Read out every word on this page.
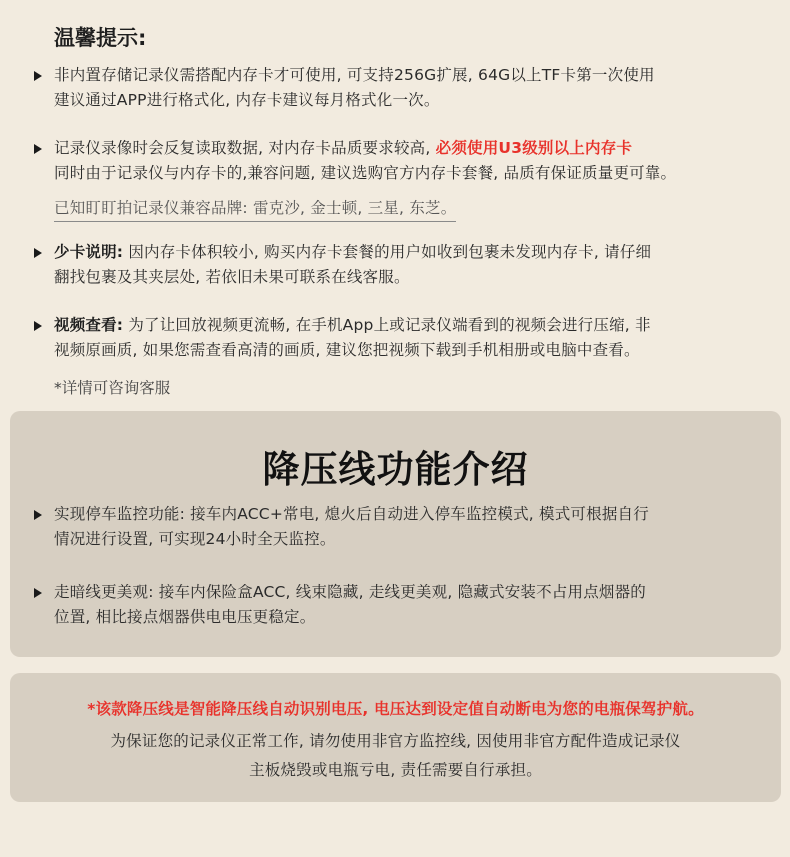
温馨提示:
非内置存储记录仪需搭配内存卡才可使用, 可支持256G扩展, 64G以上TF卡第一次使用
建议通过APP进行格式化, 内存卡建议每月格式化一次。
记录仪录像时会反复读取数据, 对内存卡品质要求较高, 必须使用U3级别以上内存卡
同时由于记录仪与内存卡的,兼容问题, 建议选购官方内存卡套餐, 品质有保证质量更可靠。
已知盯盯拍记录仪兼容品牌: 雷克沙, 金士顿, 三星, 东芝。
少卡说明: 因内存卡体积较小, 购买内存卡套餐的用户如收到包裹未发现内存卡, 请仔细
翻找包裹及其夹层处, 若依旧未果可联系在线客服。
视频查看: 为了让回放视频更流畅, 在手机App上或记录仪端看到的视频会进行压缩, 非
视频原画质, 如果您需查看高清的画质, 建议您把视频下载到手机相册或电脑中查看。
*详情可咨询客服
降压线功能介绍
实现停车监控功能: 接车内ACC+常电, 熄火后自动进入停车监控模式, 模式可根据自行
情况进行设置, 可实现24小时全天监控。
走暗线更美观: 接车内保险盒ACC, 线束隐藏, 走线更美观, 隐藏式安装不占用点烟器的
位置, 相比接点烟器供电电压更稳定。
*该款降压线是智能降压线自动识别电压, 电压达到设定值自动断电为您的电瓶保驾护航。
为保证您的记录仪正常工作, 请勿使用非官方监控线, 因使用非官方配件造成记录仪
主板烧毁或电瓶亏电, 责任需要自行承担。
